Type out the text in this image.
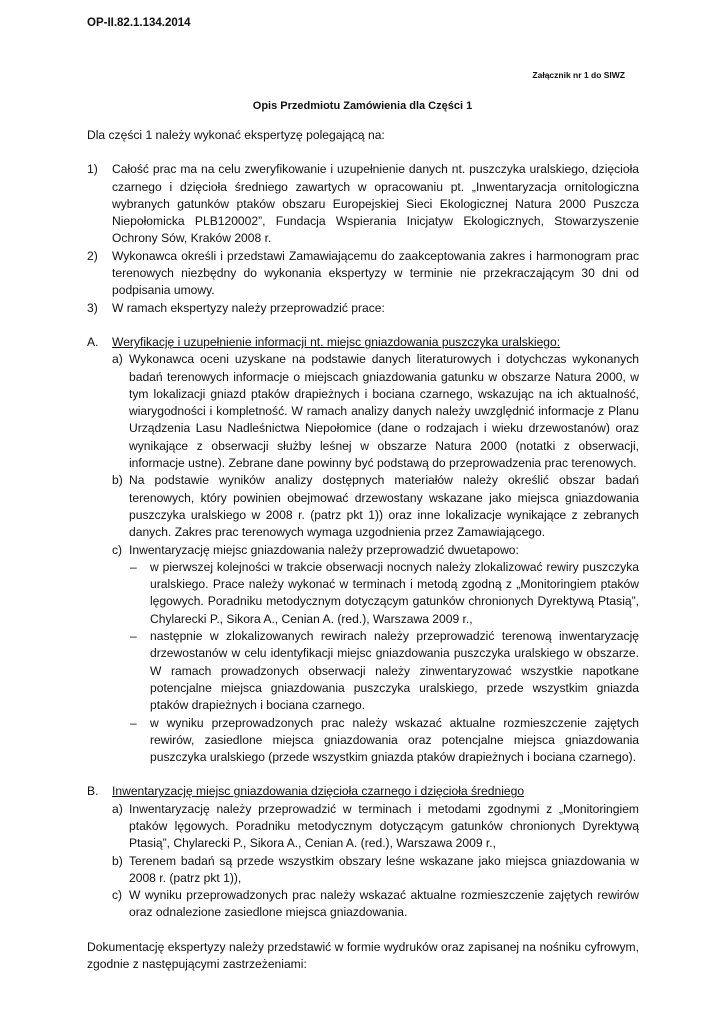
OP-II.82.1.134.2014
Załącznik nr 1 do SIWZ
Opis Przedmiotu Zamówienia dla Części 1

Dla części 1 należy wykonać ekspertyzę polegającą na:

1)	Całość prac ma na celu zweryfikowanie i uzupełnienie danych nt. puszczyka uralskiego, dzięcioła czarnego i dzięcioła średniego zawartych w opracowaniu pt. „Inwentaryzacja ornitologiczna wybranych gatunków ptaków obszaru Europejskiej Sieci Ekologicznej Natura 2000 Puszcza Niepołomicka PLB120002”, Fundacja Wspierania Inicjatyw Ekologicznych, Stowarzyszenie Ochrony Sów, Kraków 2008 r.
2)	Wykonawca określi i przedstawi Zamawiającemu do zaakceptowania zakres i harmonogram prac terenowych niezbędny do wykonania ekspertyzy w terminie nie przekraczającym 30 dni od podpisania umowy.
3)	W ramach ekspertyzy należy przeprowadzić prace:
A.	Weryfikację i uzupełnienie informacji nt. miejsc gniazdowania puszczyka uralskiego:
a) Wykonawca oceni uzyskane na podstawie danych literaturowych i dotychczas wykonanych badań terenowych informacje o miejscach gniazdowania gatunku w obszarze Natura 2000, w tym lokalizacji gniazd ptaków drapieżnych i bociana czarnego, wskazując na ich aktualność, wiarygodności i kompletność. W ramach analizy danych należy uwzględnić informacje z Planu Urządzenia Lasu Nadleśnictwa Niepołomice (dane o rodzajach i wieku drzewostanów) oraz wynikające z obserwacji służby leśnej w obszarze Natura 2000 (notatki z obserwacji, informacje ustne). Zebrane dane powinny być podstawą do przeprowadzenia prac terenowych.
b) Na podstawie wyników analizy dostępnych materiałów należy określić obszar badań terenowych, który powinien obejmować drzewostany wskazane jako miejsca gniazdowania puszczyka uralskiego w 2008 r. (patrz pkt 1)) oraz inne lokalizacje wynikające z zebranych danych. Zakres prac terenowych wymaga uzgodnienia przez Zamawiającego.
c) Inwentaryzację miejsc gniazdowania należy przeprowadzić dwuetapowo:
–	w pierwszej kolejności w trakcie obserwacji nocnych należy zlokalizować rewiry puszczyka uralskiego. Prace należy wykonać w terminach i metodą zgodną z „Monitoringiem ptaków lęgowych. Poradniku metodycznym dotyczącym gatunków chronionych Dyrektywą Ptasią”, Chylarecki P., Sikora A., Cenian A. (red.), Warszawa 2009 r.,
–	następnie w zlokalizowanych rewirach należy przeprowadzić terenową inwentaryzację drzewostanów w celu identyfikacji miejsc gniazdowania puszczyka uralskiego w obszarze. W ramach prowadzonych obserwacji należy zinwentaryzować wszystkie napotkane potencjalne miejsca gniazdowania puszczyka uralskiego, przede wszystkim gniazda ptaków drapieżnych i bociana czarnego.
–	w wyniku przeprowadzonych prac należy wskazać aktualne rozmieszczenie zajętych rewirów, zasiedlone miejsca gniazdowania oraz potencjalne miejsca gniazdowania puszczyka uralskiego (przede wszystkim gniazda ptaków drapieżnych i bociana czarnego).
B.	Inwentaryzację miejsc gniazdowania dzięcioła czarnego i dzięcioła średniego
a) Inwentaryzację należy przeprowadzić w terminach i metodami zgodnymi z „Monitoringiem ptaków lęgowych. Poradniku metodycznym dotyczącym gatunków chronionych Dyrektywą Ptasią”, Chylarecki P., Sikora A., Cenian A. (red.), Warszawa 2009 r.,
b) Terenem badań są przede wszystkim obszary leśne wskazane jako miejsca gniazdowania w 2008 r. (patrz pkt 1)),
c) W wyniku przeprowadzonych prac należy wskazać aktualne rozmieszczenie zajętych rewirów oraz odnalezione zasiedlone miejsca gniazdowania.

Dokumentację ekspertyzy należy przedstawić w formie wydruków oraz zapisanej na nośniku cyfrowym, zgodnie z następującymi zastrzeżeniami:
